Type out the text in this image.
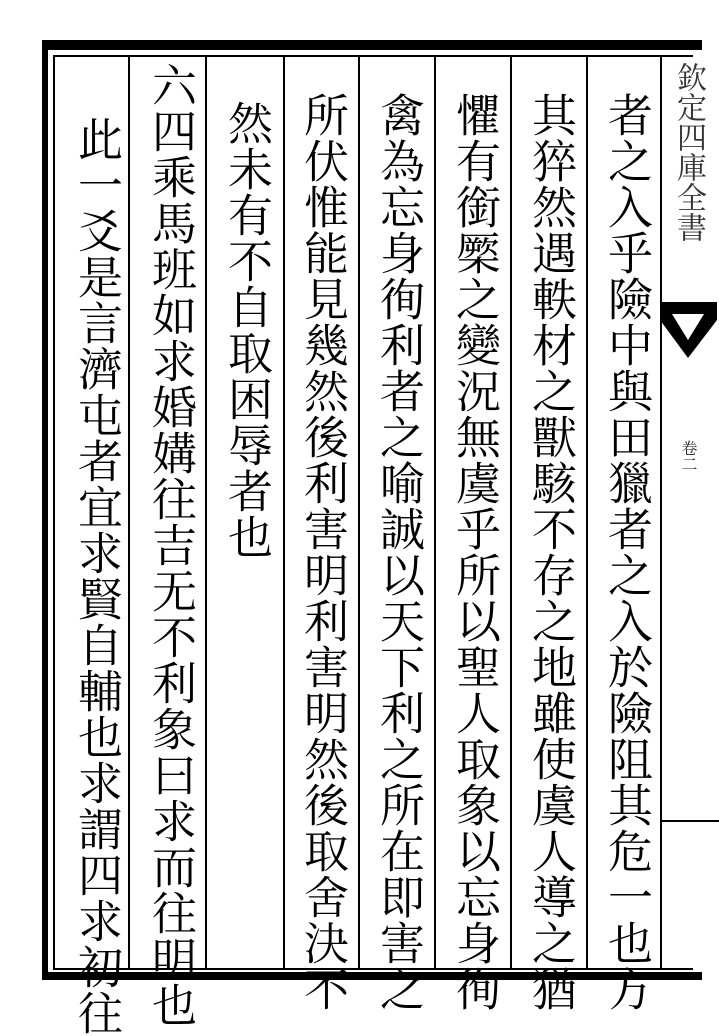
者之入乎險中與田獵者之入於險阻其危一也方
其猝然遇軼材之獸駭不存之地雖使虞人導之猶
懼有銜橜之變況無虞乎所以聖人取象以忘身徇
禽為忘身徇利者之喻誠以天下利之所在即害之
所伏惟能見幾然後利害明利害明然後取舍決不
然未有不自取困辱者也
六四乘馬班如求婚媾往吉无不利象曰求而往明也
此一爻是言濟屯者宜求賢自輔也求謂四求初往	欽定四庫全書
卷二
